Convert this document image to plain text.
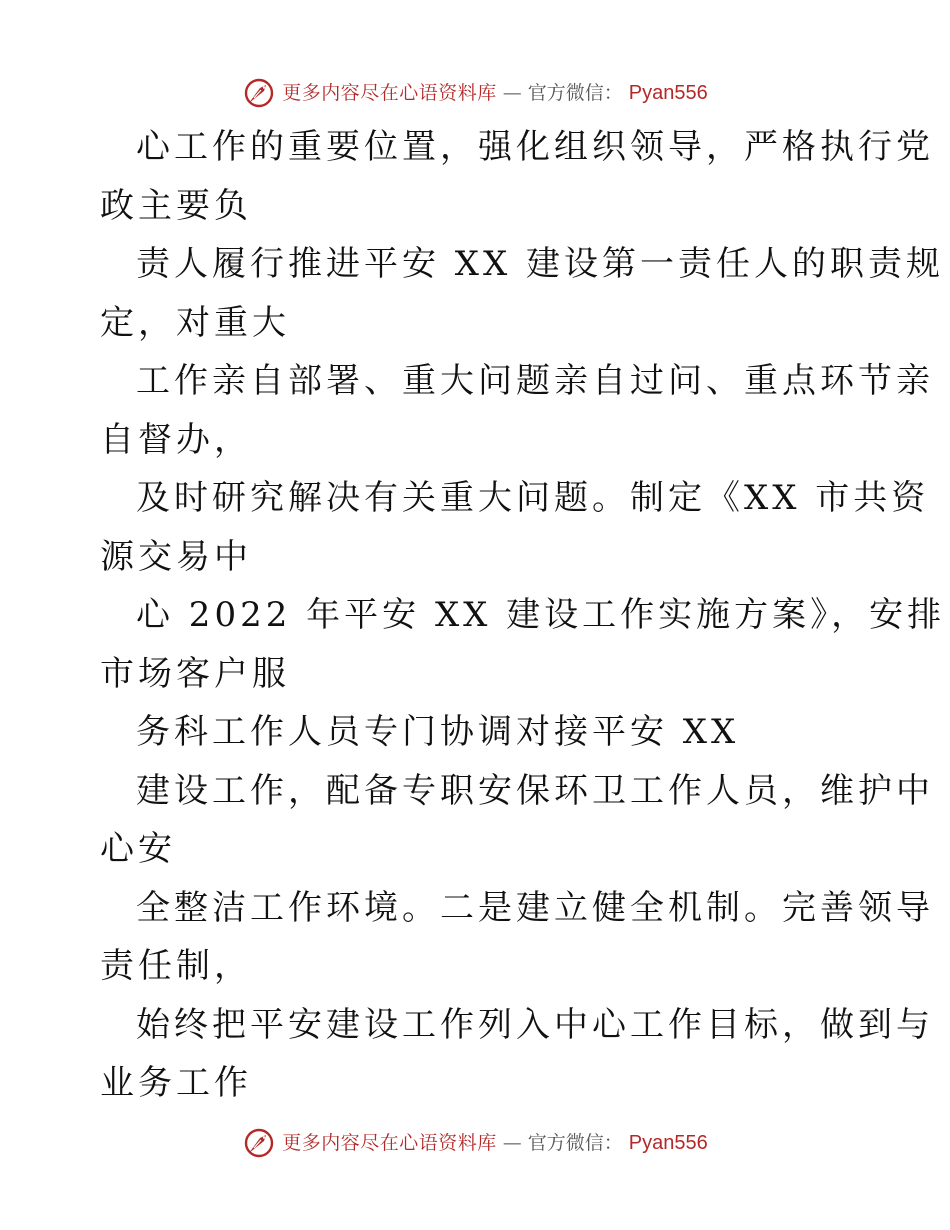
更多内容尽在心语资料库 — 官方微信： Pyan556
心工作的重要位置，强化组织领导，严格执行党
政主要负
责人履行推进平安 XX 建设第一责任人的职责规
定，对重大
工作亲自部署、重大问题亲自过问、重点环节亲
自督办，
及时研究解决有关重大问题。制定《XX 市共资
源交易中
心 2022 年平安 XX 建设工作实施方案》，安排
市场客户服
务科工作人员专门协调对接平安 XX
建设工作，配备专职安保环卫工作人员，维护中
心安
全整洁工作环境。二是建立健全机制。完善领导
责任制，
始终把平安建设工作列入中心工作目标，做到与
业务工作
更多内容尽在心语资料库 — 官方微信： Pyan556
